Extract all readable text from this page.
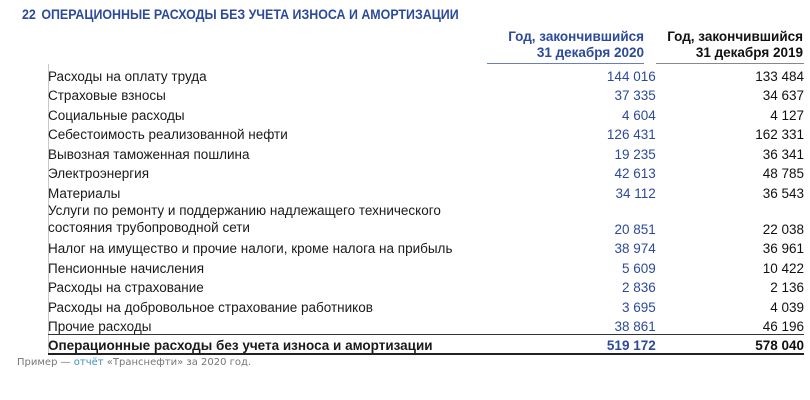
22 ОПЕРАЦИОННЫЕ РАСХОДЫ БЕЗ УЧЕТА ИЗНОСА И АМОРТИЗАЦИИ
Год, закончившийся
31 декабря 2020
Год, закончившийся
31 декабря 2019
Расходы на оплату труда	144 016	133 484
Страховые взносы	37 335	34 637
Социальные расходы	4 604	4 127
Себестоимость реализованной нефти	126 431	162 331
Вывозная таможенная пошлина	19 235	36 341
Электроэнергия	42 613	48 785
Материалы	34 112	36 543
Услуги по ремонту и поддержанию надлежащего технического состояния трубопроводной сети	20 851	22 038
Налог на имущество и прочие налоги, кроме налога на прибыль	38 974	36 961
Пенсионные начисления	5 609	10 422
Расходы на страхование	2 836	2 136
Расходы на добровольное страхование работников	3 695	4 039
Прочие расходы	38 861	46 196
Операционные расходы без учета износа и амортизации	519 172	578 040
Пример — отчёт «Транснефти» за 2020 год.
